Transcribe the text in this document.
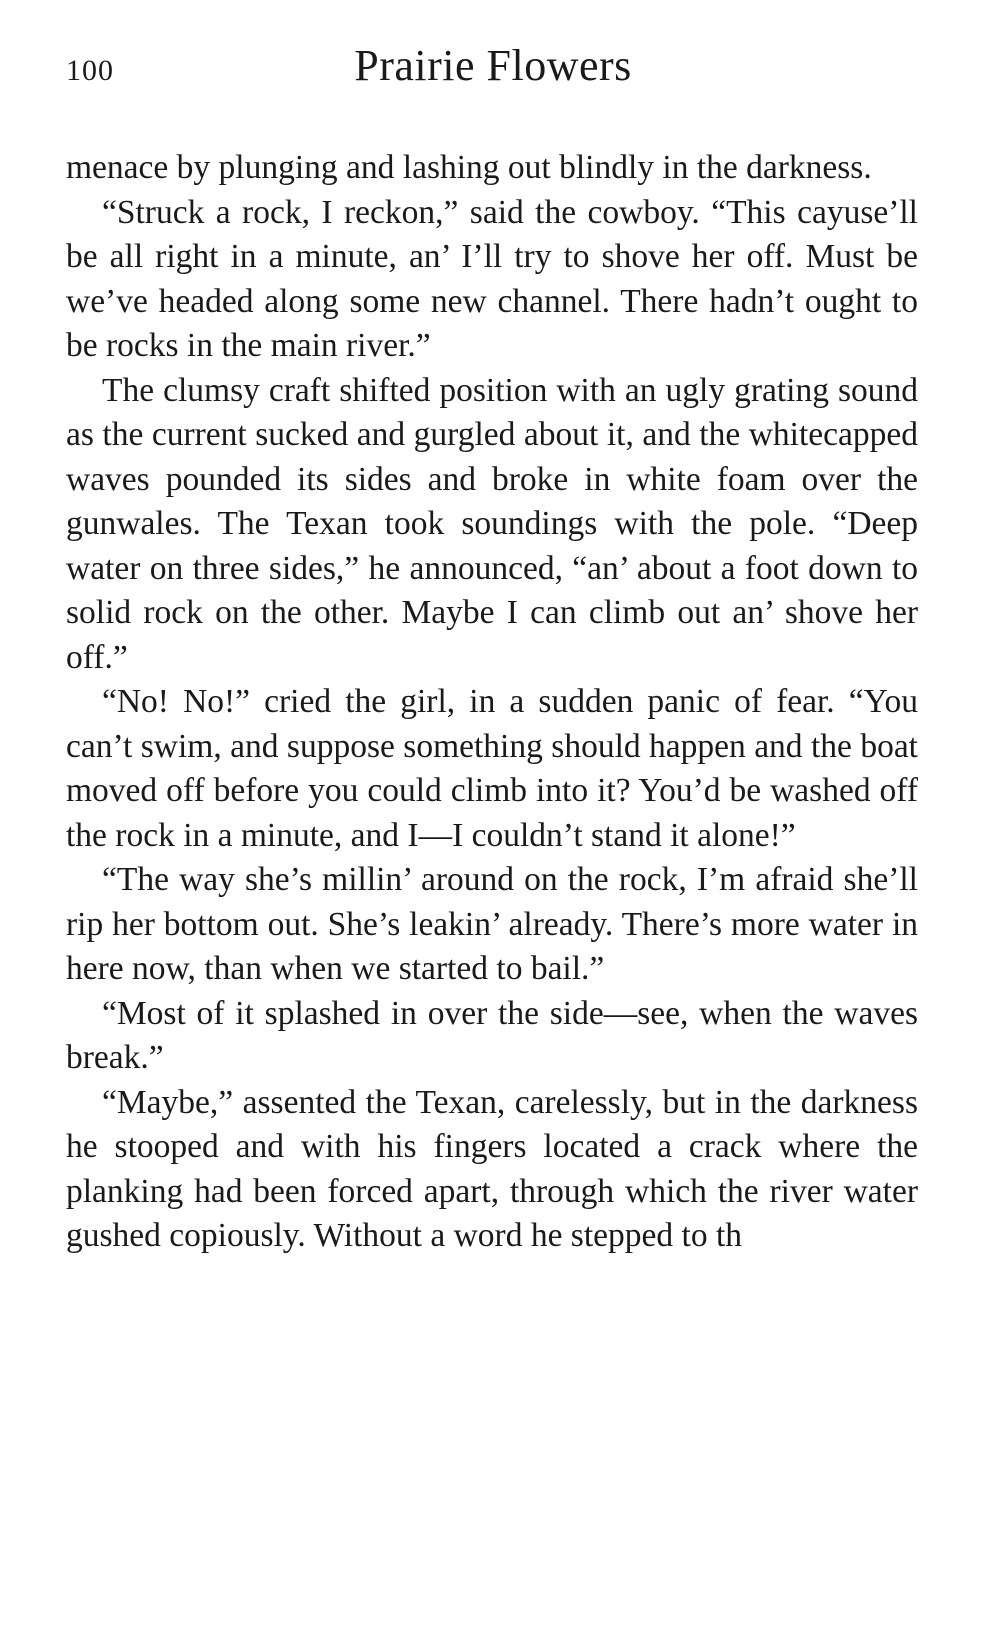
100	Prairie Flowers

menace by plunging and lashing out blindly in the darkness.

“Struck a rock, I reckon,” said the cowboy. “This cayuse’ll be all right in a minute, an’ I’ll try to shove her off. Must be we’ve headed along some new channel. There hadn’t ought to be rocks in the main river.”

The clumsy craft shifted position with an ugly grating sound as the current sucked and gurgled about it, and the whitecapped waves pounded its sides and broke in white foam over the gunwales. The Texan took soundings with the pole. “Deep water on three sides,” he announced, “an’ about a foot down to solid rock on the other. Maybe I can climb out an’ shove her off.”

“No! No!” cried the girl, in a sudden panic of fear. “You can’t swim, and suppose something should happen and the boat moved off before you could climb into it? You’d be washed off the rock in a minute, and I—I couldn’t stand it alone!”

“The way she’s millin’ around on the rock, I’m afraid she’ll rip her bottom out. She’s leakin’ already. There’s more water in here now, than when we started to bail.”

“Most of it splashed in over the side—see, when the waves break.”

“Maybe,” assented the Texan, carelessly, but in the darkness he stooped and with his fingers located a crack where the planking had been forced apart, through which the river water gushed copiously. Without a word he stepped to th
